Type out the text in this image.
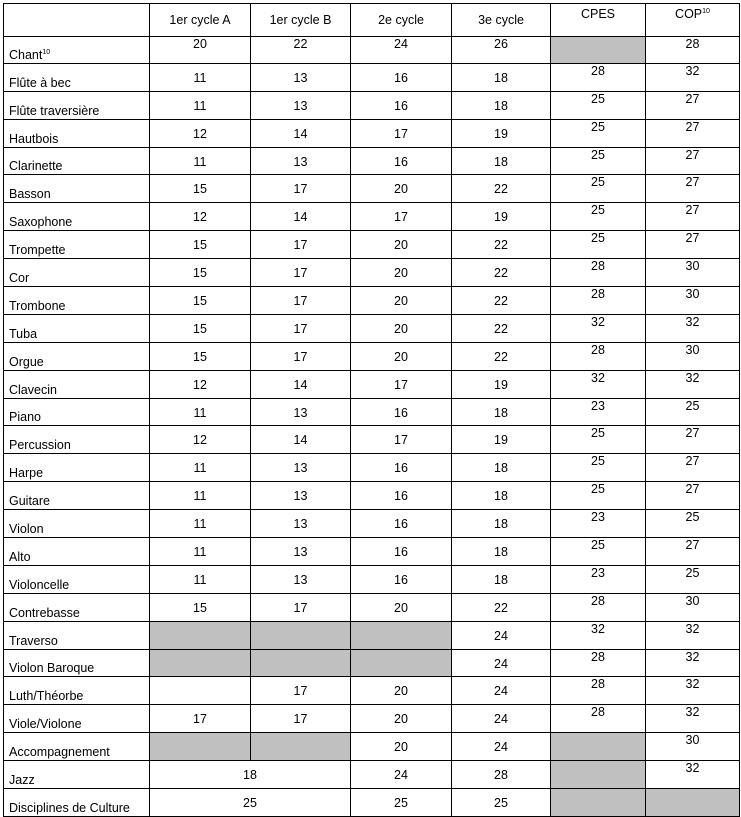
	1er cycle A	1er cycle B	2e cycle	3e cycle	CPES	COP$^{10}$
Chant$^{10}$	20	22	24	26		28
Flûte à bec	11	13	16	18	28	32
Flûte traversière	11	13	16	18	25	27
Hautbois	12	14	17	19	25	27
Clarinette	11	13	16	18	25	27
Basson	15	17	20	22	25	27
Saxophone	12	14	17	19	25	27
Trompette	15	17	20	22	25	27
Cor	15	17	20	22	28	30
Trombone	15	17	20	22	28	30
Tuba	15	17	20	22	32	32
Orgue	15	17	20	22	28	30
Clavecin	12	14	17	19	32	32
Piano	11	13	16	18	23	25
Percussion	12	14	17	19	25	27
Harpe	11	13	16	18	25	27
Guitare	11	13	16	18	25	27
Violon	11	13	16	18	23	25
Alto	11	13	16	18	25	27
Violoncelle	11	13	16	18	23	25
Contrebasse	15	17	20	22	28	30
Traverso				24	32	32
Violon Baroque				24	28	32
Luth/Théorbe		17	20	24	28	32
Viole/Violone	17	17	20	24	28	32
Accompagnement			20	24		30
Jazz	18		24	28		32
Disciplines de Culture	25		25	25		
